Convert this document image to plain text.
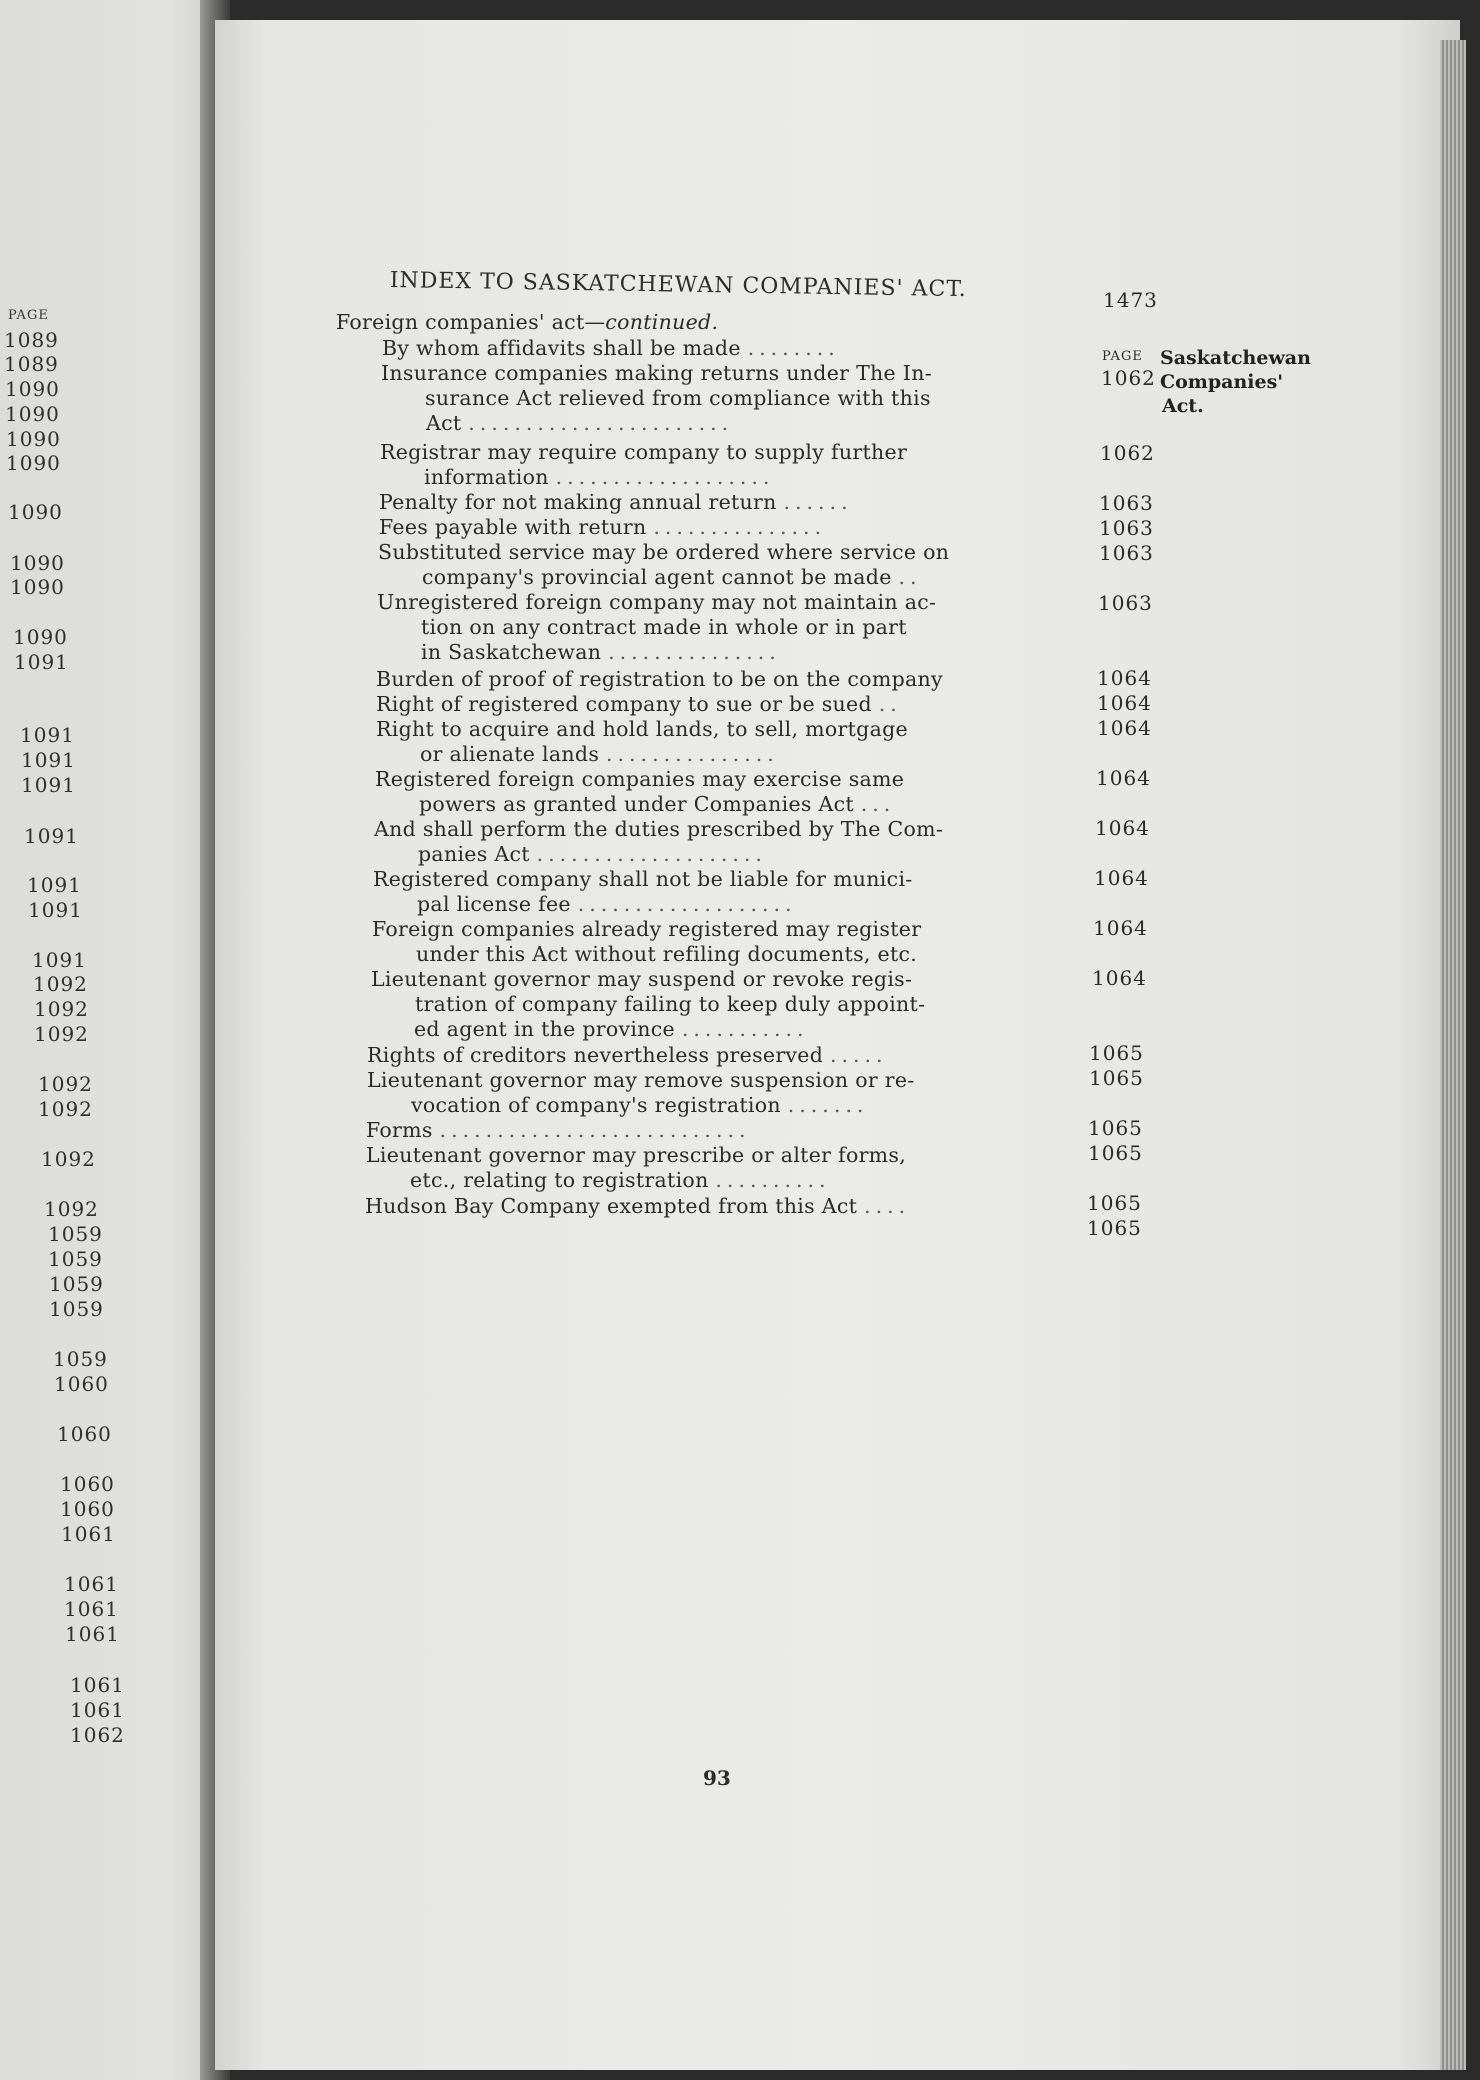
PAGE
1089
1089
1090
1090
1090
1090
1090
1090
1090
1090
1091
1091
1091
1091
1091
1091
1091
1091
1092
1092
1092
1092
1092
1092
1092
1059
1059
1059
1059
1059
1060
1060
1060
1060
1061
1061
1061
1061
1061
1061
1062
INDEX TO SASKATCHEWAN COMPANIES' ACT.	1473
PAGE Saskatchewan
Companies'
Act.
Foreign companies' act—continued.
By whom affidavits shall be made ........
Insurance companies making returns under The In-
surance Act relieved from compliance with this
Act .......................
Registrar may require company to supply further
information ...................
Penalty for not making annual return ......
Fees payable with return ...............
Substituted service may be ordered where service on
company's provincial agent cannot be made ..
Unregistered foreign company may not maintain ac-
tion on any contract made in whole or in part
in Saskatchewan ...............
Burden of proof of registration to be on the company
Right of registered company to sue or be sued ..
Right to acquire and hold lands, to sell, mortgage
or alienate lands ...............
Registered foreign companies may exercise same
powers as granted under Companies Act ...
And shall perform the duties prescribed by The Com-
panies Act ....................
Registered company shall not be liable for munici-
pal license fee ...................
Foreign companies already registered may register
under this Act without refiling documents, etc.
Lieutenant governor may suspend or revoke regis-
tration of company failing to keep duly appoint-
ed agent in the province ...........
Rights of creditors nevertheless preserved .....
Lieutenant governor may remove suspension or re-
vocation of company's registration .......
Forms ...........................
Lieutenant governor may prescribe or alter forms,
etc., relating to registration ..........
Hudson Bay Company exempted from this Act ....
1062
1062
1063
1063
1063
1063
1064
1064
1064
1064
1064
1064
1064
1064
1065
1065
1065
1065
1065
1065
93
